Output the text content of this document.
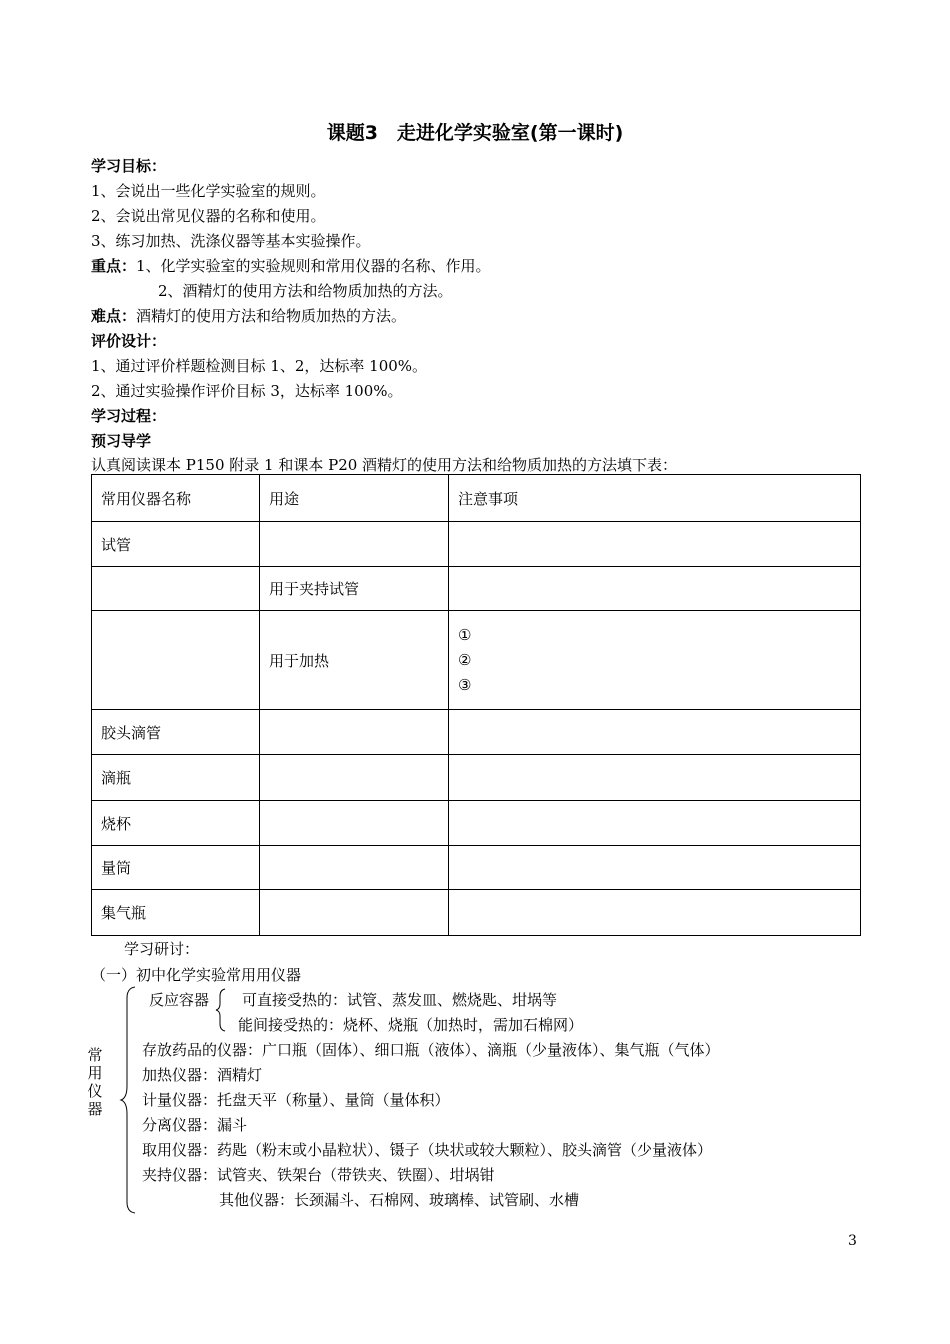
课题3　走进化学实验室(第一课时)
学习目标：
1、会说出一些化学实验室的规则。
2、会说出常见仪器的名称和使用。
3、练习加热、洗涤仪器等基本实验操作。
重点：1、化学实验室的实验规则和常用仪器的名称、作用。
2、酒精灯的使用方法和给物质加热的方法。
难点：酒精灯的使用方法和给物质加热的方法。
评价设计：
1、通过评价样题检测目标 1、2，达标率 100%。
2、通过实验操作评价目标 3，达标率 100%。
学习过程：
预习导学
认真阅读课本 P150 附录 1 和课本 P20 酒精灯的使用方法和给物质加热的方法填下表：
常用仪器名称	用途	注意事项
试管		
	用于夹持试管	
	用于加热	①
②
③

胶头滴管		
滴瓶		
烧杯		
量筒		
集气瓶		
学习研讨：
（一）初中化学实验常用用仪器
常用仪器
反应容器 可直接受热的：试管、蒸发皿、燃烧匙、坩埚等
能间接受热的：烧杯、烧瓶（加热时，需加石棉网）
存放药品的仪器：广口瓶（固体）、细口瓶（液体）、滴瓶（少量液体）、集气瓶（气体）
加热仪器：酒精灯
计量仪器：托盘天平（称量）、量筒（量体积）
分离仪器：漏斗
取用仪器：药匙（粉末或小晶粒状）、镊子（块状或较大颗粒）、胶头滴管（少量液体）
夹持仪器：试管夹、铁架台（带铁夹、铁圈）、坩埚钳
其他仪器：长颈漏斗、石棉网、玻璃棒、试管刷、水槽
3
